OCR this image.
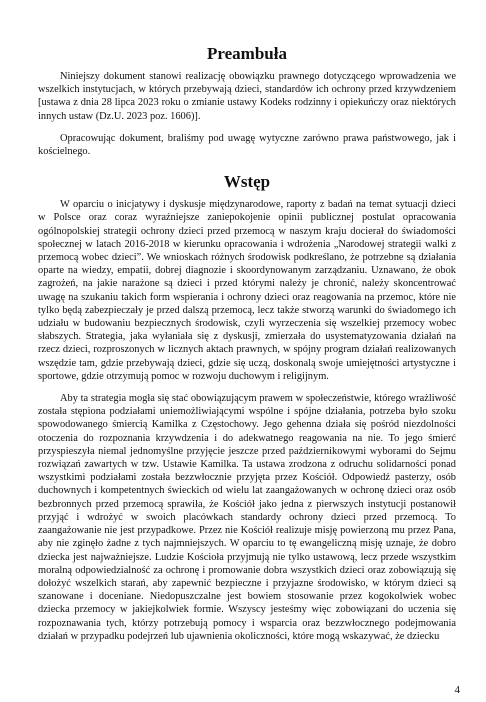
Preambuła

Niniejszy dokument stanowi realizację obowiązku prawnego dotyczącego wprowadzenia we wszelkich instytucjach, w których przebywają dzieci, standardów ich ochrony przed krzywdzeniem [ustawa z dnia 28 lipca 2023 roku o zmianie ustawy Kodeks rodzinny i opiekuńczy oraz niektórych innych ustaw (Dz.U. 2023 poz. 1606)].

Opracowując dokument, braliśmy pod uwagę wytyczne zarówno prawa państwowego, jak i kościelnego.

Wstęp

W oparciu o inicjatywy i dyskusje międzynarodowe, raporty z badań na temat sytuacji dzieci w Polsce oraz coraz wyraźniejsze zaniepokojenie opinii publicznej postulat opracowania ogólnopolskiej strategii ochrony dzieci przed przemocą w naszym kraju docierał do świadomości społecznej w latach 2016-2018 w kierunku opracowania i wdrożenia „Narodowej strategii walki z przemocą wobec dzieci”. We wnioskach różnych środowisk podkreślano, że potrzebne są działania oparte na wiedzy, empatii, dobrej diagnozie i skoordynowanym zarządzaniu. Uznawano, że obok zagrożeń, na jakie narażone są dzieci i przed którymi należy je chronić, należy skoncentrować uwagę na szukaniu takich form wspierania i ochrony dzieci oraz reagowania na przemoc, które nie tylko będą zabezpieczały je przed dalszą przemocą, lecz także stworzą warunki do świadomego ich udziału w budowaniu bezpiecznych środowisk, czyli wyrzeczenia się wszelkiej przemocy wobec słabszych. Strategia, jaka wyłaniała się z dyskusji, zmierzała do usystematyzowania działań na rzecz dzieci, rozproszonych w licznych aktach prawnych, w spójny program działań realizowanych wszędzie tam, gdzie przebywają dzieci, gdzie się uczą, doskonalą swoje umiejętności artystyczne i sportowe, gdzie otrzymują pomoc w rozwoju duchowym i religijnym.

Aby ta strategia mogła się stać obowiązującym prawem w społeczeństwie, którego wrażliwość została stępiona podziałami uniemożliwiającymi wspólne i spójne działania, potrzeba było szoku spowodowanego śmiercią Kamilka z Częstochowy. Jego gehenna działa się pośród niezdolności otoczenia do rozpoznania krzywdzenia i do adekwatnego reagowania na nie. To jego śmierć przyspieszyła niemal jednomyślne przyjęcie jeszcze przed październikowymi wyborami do Sejmu rozwiązań zawartych w tzw. Ustawie Kamilka. Ta ustawa zrodzona z odruchu solidarności ponad wszystkimi podziałami została bezzwłocznie przyjęta przez Kościół. Odpowiedź pasterzy, osób duchownych i kompetentnych świeckich od wielu lat zaangażowanych w ochronę dzieci oraz osób bezbronnych przed przemocą sprawiła, że Kościół jako jedna z pierwszych instytucji postanowił przyjąć i wdrożyć w swoich placówkach standardy ochrony dzieci przed przemocą. To zaangażowanie nie jest przypadkowe. Przez nie Kościół realizuje misję powierzoną mu przez Pana, aby nie zginęło żadne z tych najmniejszych. W oparciu to tę ewangeliczną misję uznaje, że dobro dziecka jest najważniejsze. Ludzie Kościoła przyjmują nie tylko ustawową, lecz przede wszystkim moralną odpowiedzialność za ochronę i promowanie dobra wszystkich dzieci oraz zobowiązują się dołożyć wszelkich starań, aby zapewnić bezpieczne i przyjazne środowisko, w którym dzieci są szanowane i doceniane. Niedopuszczalne jest bowiem stosowanie przez kogokolwiek wobec dziecka przemocy w jakiejkolwiek formie. Wszyscy jesteśmy więc zobowiązani do uczenia się rozpoznawania tych, którzy potrzebują pomocy i wsparcia oraz bezzwłocznego podejmowania działań w przypadku podejrzeń lub ujawnienia okoliczności, które mogą wskazywać, że dziecku

4
